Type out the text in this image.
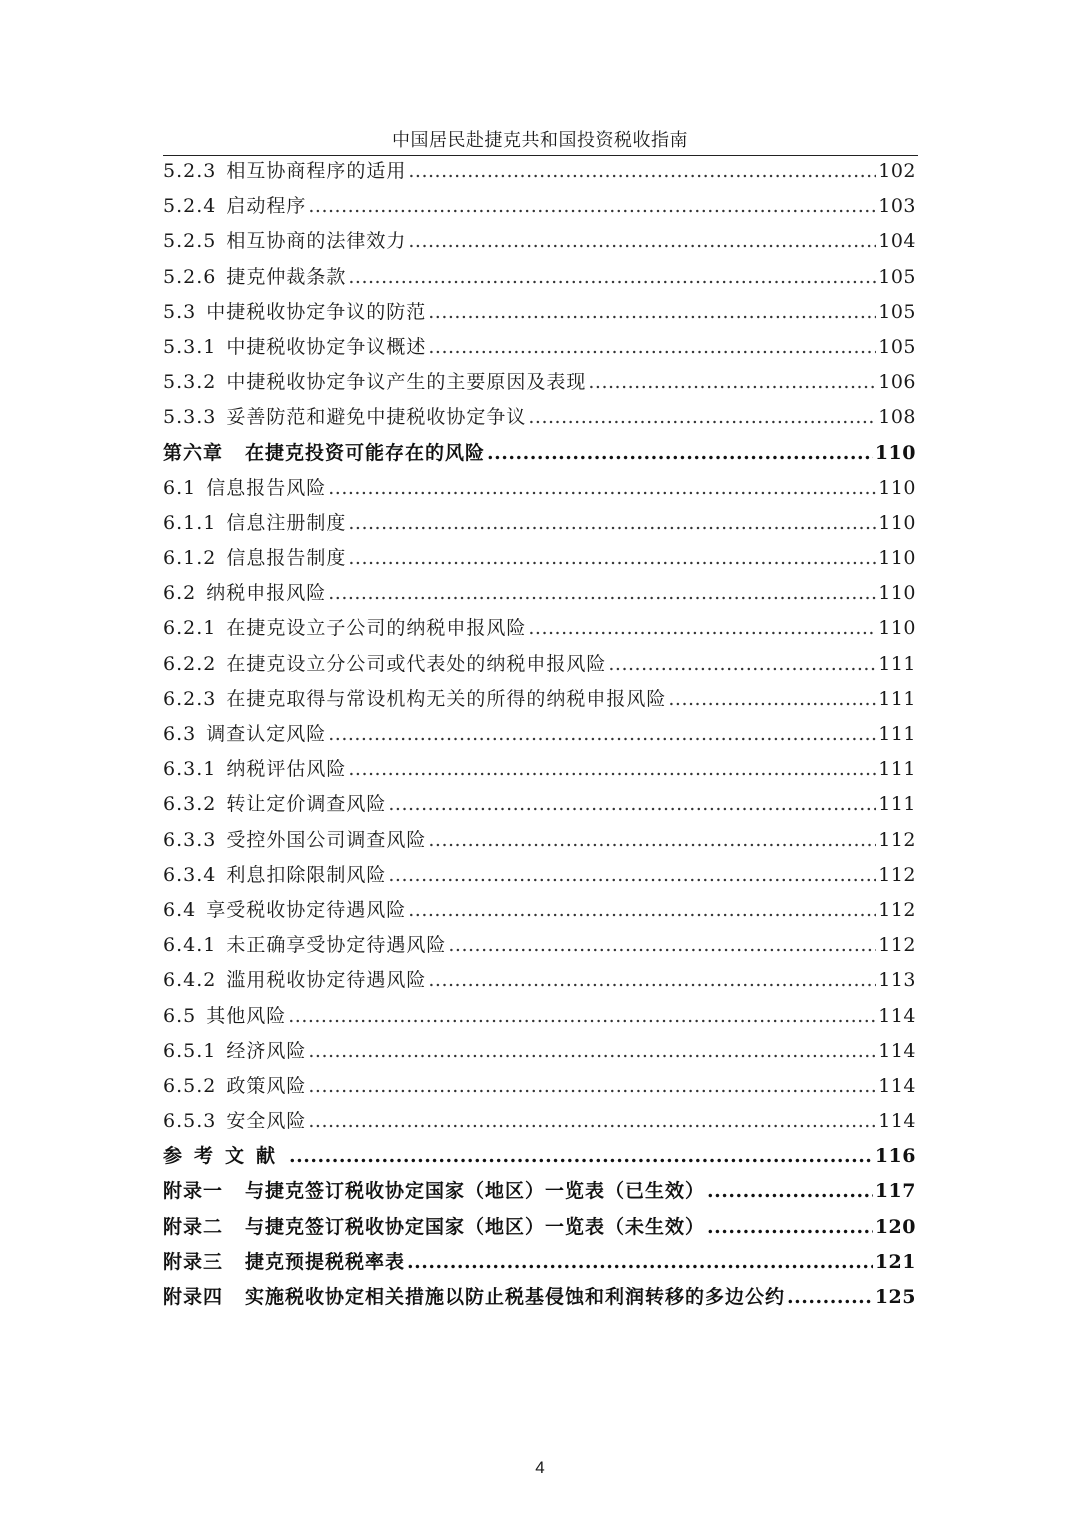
中国居民赴捷克共和国投资税收指南
5.2.3 相互协商程序的适用 .....	102
5.2.4 启动程序 .....	103
5.2.5 相互协商的法律效力 .....	104
5.2.6 捷克仲裁条款 .....	105
5.3 中捷税收协定争议的防范 .....	105
5.3.1 中捷税收协定争议概述 .....	105
5.3.2 中捷税收协定争议产生的主要原因及表现 .....	106
5.3.3 妥善防范和避免中捷税收协定争议 .....	108
第六章 在捷克投资可能存在的风险 .....	110
6.1 信息报告风险 .....	110
6.1.1 信息注册制度 .....	110
6.1.2 信息报告制度 .....	110
6.2 纳税申报风险 .....	110
6.2.1 在捷克设立子公司的纳税申报风险 .....	110
6.2.2 在捷克设立分公司或代表处的纳税申报风险 .....	111
6.2.3 在捷克取得与常设机构无关的所得的纳税申报风险 .....	111
6.3 调查认定风险 .....	111
6.3.1 纳税评估风险 .....	111
6.3.2 转让定价调查风险 .....	111
6.3.3 受控外国公司调查风险 .....	112
6.3.4 利息扣除限制风险 .....	112
6.4 享受税收协定待遇风险 .....	112
6.4.1 未正确享受协定待遇风险 .....	112
6.4.2 滥用税收协定待遇风险 .....	113
6.5 其他风险 .....	114
6.5.1 经济风险 .....	114
6.5.2 政策风险 .....	114
6.5.3 安全风险 .....	114
参考文献 .....	116
附录一 与捷克签订税收协定国家（地区）一览表（已生效） .....	117
附录二 与捷克签订税收协定国家（地区）一览表（未生效） .....	120
附录三 捷克预提税税率表 .....	121
附录四 实施税收协定相关措施以防止税基侵蚀和利润转移的多边公约 .....	125
4
